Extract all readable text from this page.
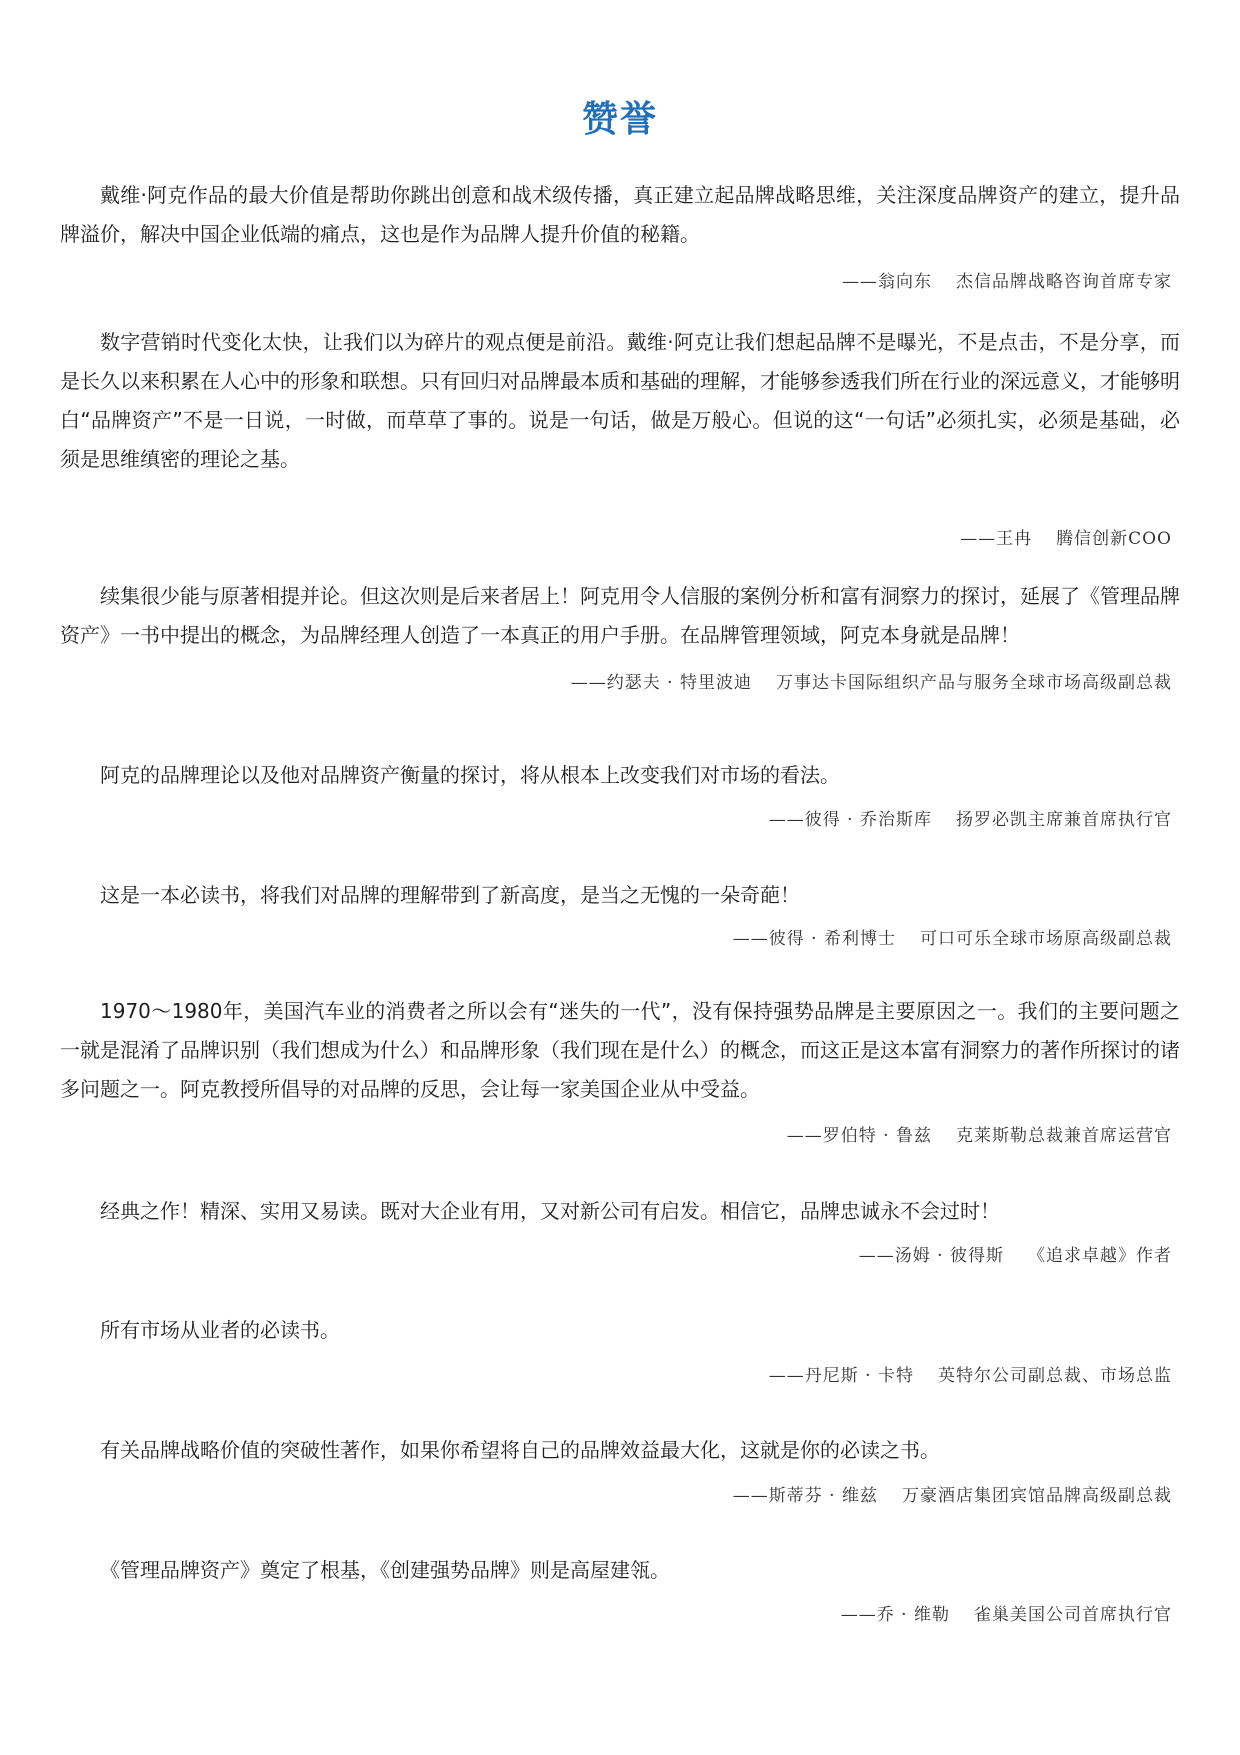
赞誉

戴维·阿克作品的最大价值是帮助你跳出创意和战术级传播，真正建立起品牌战略思维，关注深度品牌资产的建立，提升品牌溢价，解决中国企业低端的痛点，这也是作为品牌人提升价值的秘籍。

——翁向东 杰信品牌战略咨询首席专家

数字营销时代变化太快，让我们以为碎片的观点便是前沿。戴维·阿克让我们想起品牌不是曝光，不是点击，不是分享，而是长久以来积累在人心中的形象和联想。只有回归对品牌最本质和基础的理解，才能够参透我们所在行业的深远意义，才能够明白“品牌资产”不是一日说，一时做，而草草了事的。说是一句话，做是万般心。但说的这“一句话”必须扎实，必须是基础，必须是思维缜密的理论之基。

——王冉 腾信创新COO

续集很少能与原著相提并论。但这次则是后来者居上！阿克用令人信服的案例分析和富有洞察力的探讨，延展了《管理品牌资产》一书中提出的概念，为品牌经理人创造了一本真正的用户手册。在品牌管理领域，阿克本身就是品牌！

——约瑟夫 · 特里波迪 万事达卡国际组织产品与服务全球市场高级副总裁

阿克的品牌理论以及他对品牌资产衡量的探讨，将从根本上改变我们对市场的看法。

——彼得 · 乔治斯库 扬罗必凯主席兼首席执行官

这是一本必读书，将我们对品牌的理解带到了新高度，是当之无愧的一朵奇葩！

——彼得 · 希利博士 可口可乐全球市场原高级副总裁

1970～1980年，美国汽车业的消费者之所以会有“迷失的一代”，没有保持强势品牌是主要原因之一。我们的主要问题之一就是混淆了品牌识别（我们想成为什么）和品牌形象（我们现在是什么）的概念，而这正是这本富有洞察力的著作所探讨的诸多问题之一。阿克教授所倡导的对品牌的反思，会让每一家美国企业从中受益。

——罗伯特 · 鲁兹 克莱斯勒总裁兼首席运营官

经典之作！精深、实用又易读。既对大企业有用，又对新公司有启发。相信它，品牌忠诚永不会过时！

——汤姆 · 彼得斯 《追求卓越》作者

所有市场从业者的必读书。

——丹尼斯 · 卡特 英特尔公司副总裁、市场总监

有关品牌战略价值的突破性著作，如果你希望将自己的品牌效益最大化，这就是你的必读之书。

——斯蒂芬 · 维兹 万豪酒店集团宾馆品牌高级副总裁

《管理品牌资产》奠定了根基，《创建强势品牌》则是高屋建瓴。

——乔 · 维勒 雀巢美国公司首席执行官
